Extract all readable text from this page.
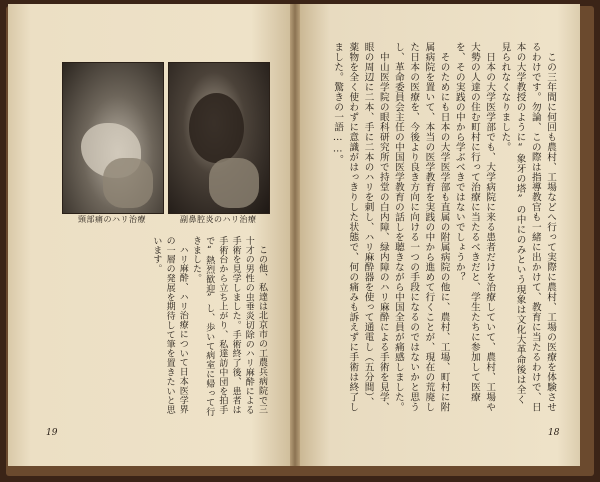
頸部痛のハリ治療	副鼻腔炎のハリ治療	この三年間に何回も農村、工場などへ行って実際に農村、工場の医療を体験させるわけです。勿論、この際は指導教官も一緒に出かけて、教育に当たるわけで、日本の大学教授のように“象牙の塔”の中にのみという現象は文化大革命後は全く見られなくなりました。

日本の大学医学部でも、大学病院に来る患者だけを治療していて、農村、工場や大勢の人達の住む町村に行って治療に当たるべきだと、学生たちに参加して医療を、その実践の中から学ぶべきではないでしょうか？

そのためにも日本の大学医学部も直属の附属病院の他に、農村、工場、町村に附属病院を置いて、本当の医学教育を実践の中から進めて行くことが、現在の荒廃した日本の医療を、今後より良き方向に向ける一つの手段になるのではないかと思うし、革命委員会主任の中国医学教育の話しを聴きながら中国全員が痛感しました。

中山医学院の眼科研究所で持堂の白内障、緑内障のハリ麻酔による手術を見学、眼の周辺に二本、手に二本のハリを刺し、ハリ麻酔器を使って通電し（五分間）、薬物を全く使わずに意識がはっきりした状態で、何の痛みも訴えずに手術は終了しました。驚きの一語……。

この他、私達は北京市の工農兵病院で三十才の男性の虫垂炎切除のハリ麻酔による手術を見学しました。手術終了後、患者は手術台から立ち上がり、私達訪中団を拍手で“熱烈歓迎”し、歩いて病室に帰って行きました。

ハリ麻酔、ハリ治療について日本医学界の一層の発展を期待して筆を置きたいと思います。

19	18
